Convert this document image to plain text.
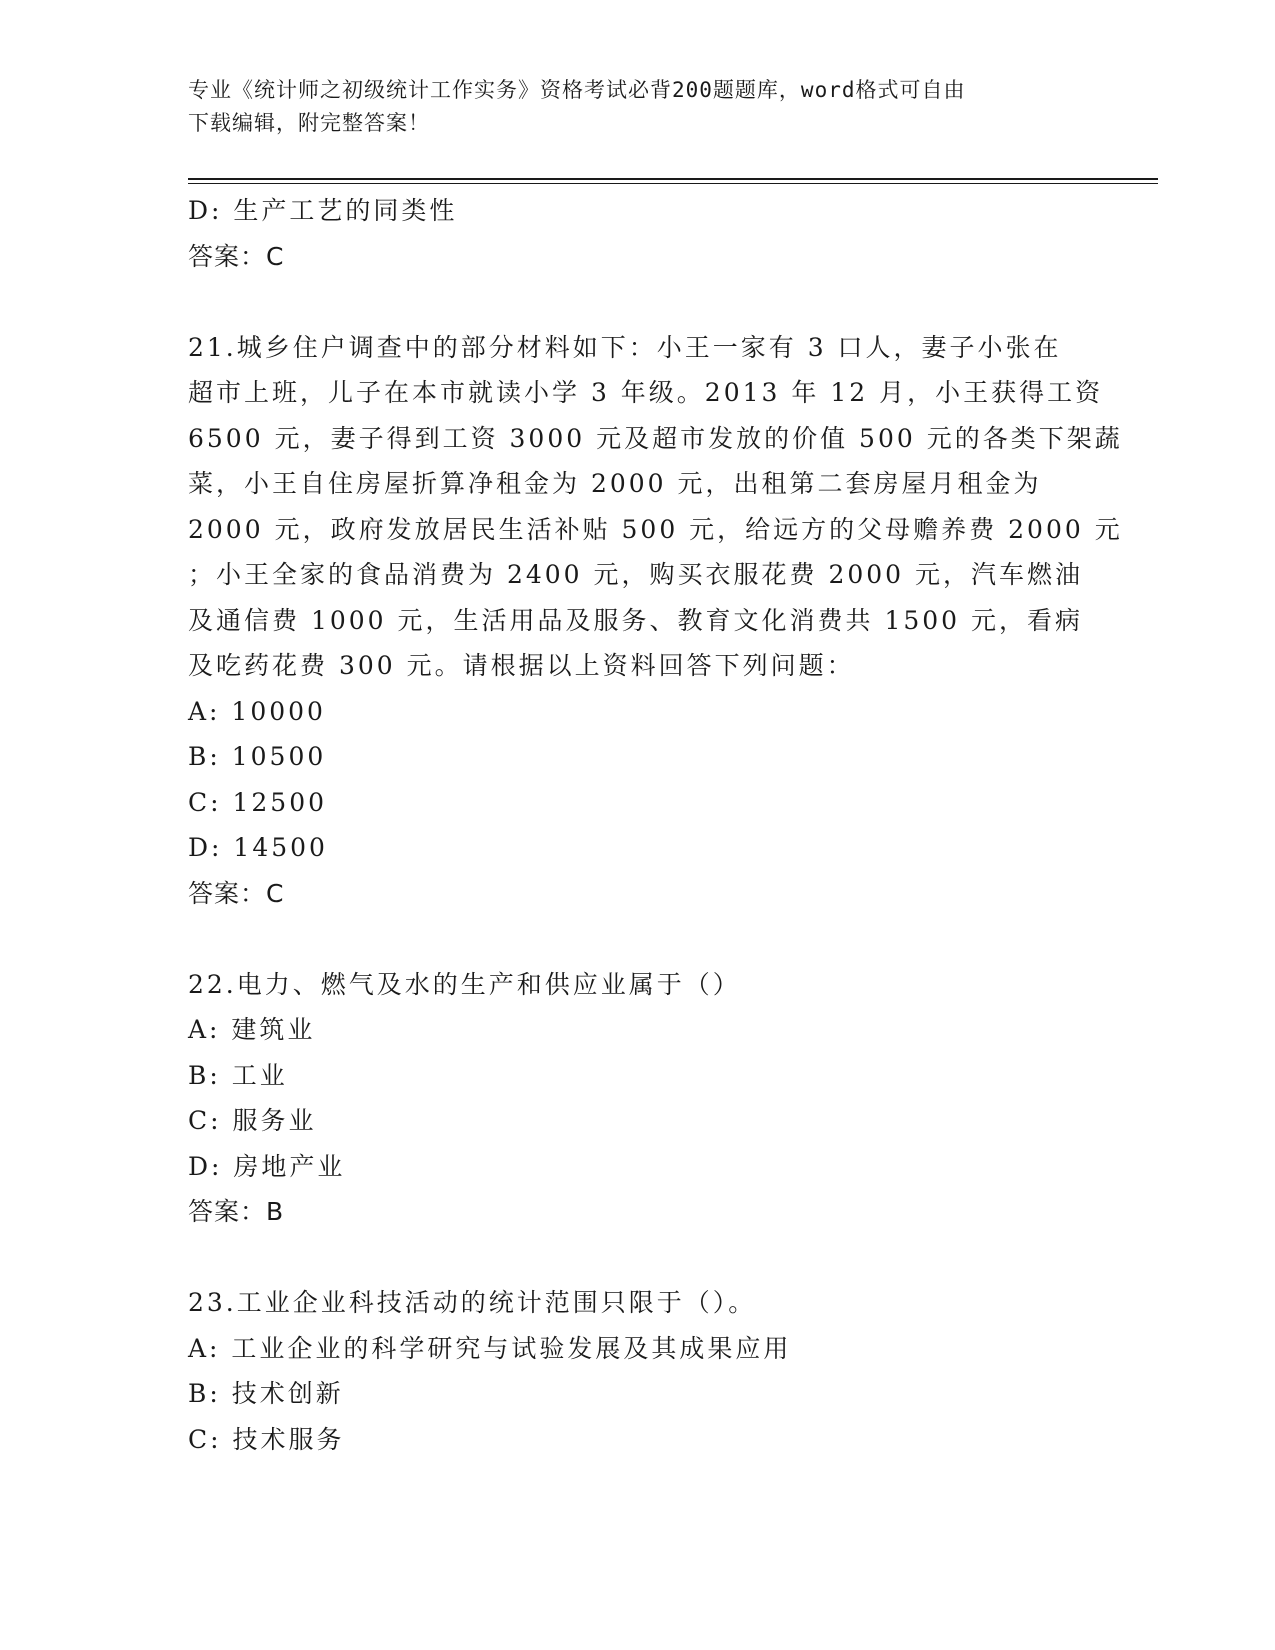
专业《统计师之初级统计工作实务》资格考试必背200题题库，word格式可自由
下载编辑，附完整答案！
D: 生产工艺的同类性
答案：C
21.城乡住户调查中的部分材料如下：小王一家有 3 口人，妻子小张在
超市上班，儿子在本市就读小学 3 年级。2013 年 12 月，小王获得工资
6500 元，妻子得到工资 3000 元及超市发放的价值 500 元的各类下架蔬
菜，小王自住房屋折算净租金为 2000 元，出租第二套房屋月租金为
2000 元，政府发放居民生活补贴 500 元，给远方的父母赡养费 2000 元
；小王全家的食品消费为 2400 元，购买衣服花费 2000 元，汽车燃油
及通信费 1000 元，生活用品及服务、教育文化消费共 1500 元，看病
及吃药花费 300 元。请根据以上资料回答下列问题：
A: 10000
B: 10500
C: 12500
D: 14500
答案：C
22.电力、燃气及水的生产和供应业属于（）
A: 建筑业
B: 工业
C: 服务业
D: 房地产业
答案：B
23.工业企业科技活动的统计范围只限于（）。
A: 工业企业的科学研究与试验发展及其成果应用
B: 技术创新
C: 技术服务
